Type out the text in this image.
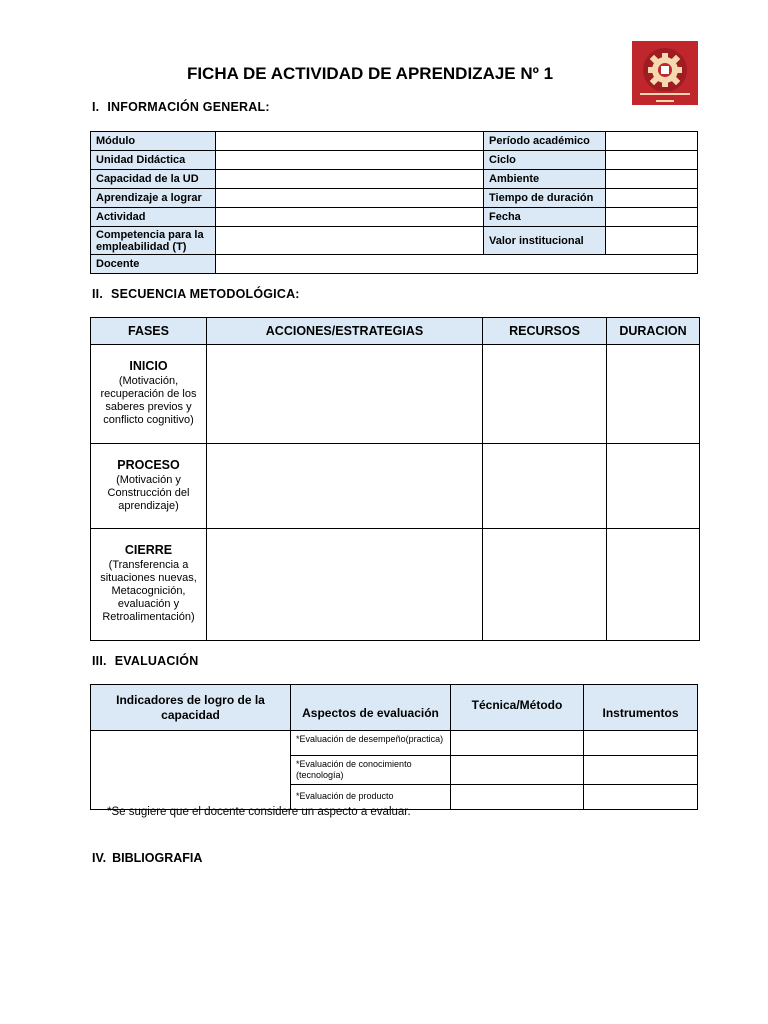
FICHA DE ACTIVIDAD DE APRENDIZAJE Nº 1
I. INFORMACIÓN GENERAL:
Módulo		Período académico	
Unidad Didáctica		Ciclo	
Capacidad de la UD		Ambiente	
Aprendizaje a lograr		Tiempo de duración	
Actividad		Fecha	
Competencia para la empleabilidad (T)		Valor institucional	
Docente			
II. SECUENCIA METODOLÓGICA:
FASES	ACCIONES/ESTRATEGIAS	RECURSOS	DURACION

INICIO
(Motivación, recuperación de los saberes previos y conflicto cognitivo)			

PROCESO
(Motivación y Construcción del aprendizaje)			

CIERRE
(Transferencia a situaciones nuevas, Metacognición, evaluación y Retroalimentación)			

III. EVALUACIÓN
Indicadores de logro de la capacidad	Aspectos de evaluación	Técnica/Método	Instrumentos
	*Evaluación de desempeño(practica)		
	*Evaluación de conocimiento (tecnología)		
	*Evaluación de producto		
*Se sugiere que el docente considere un aspecto a evaluar.
IV. BIBLIOGRAFIA
